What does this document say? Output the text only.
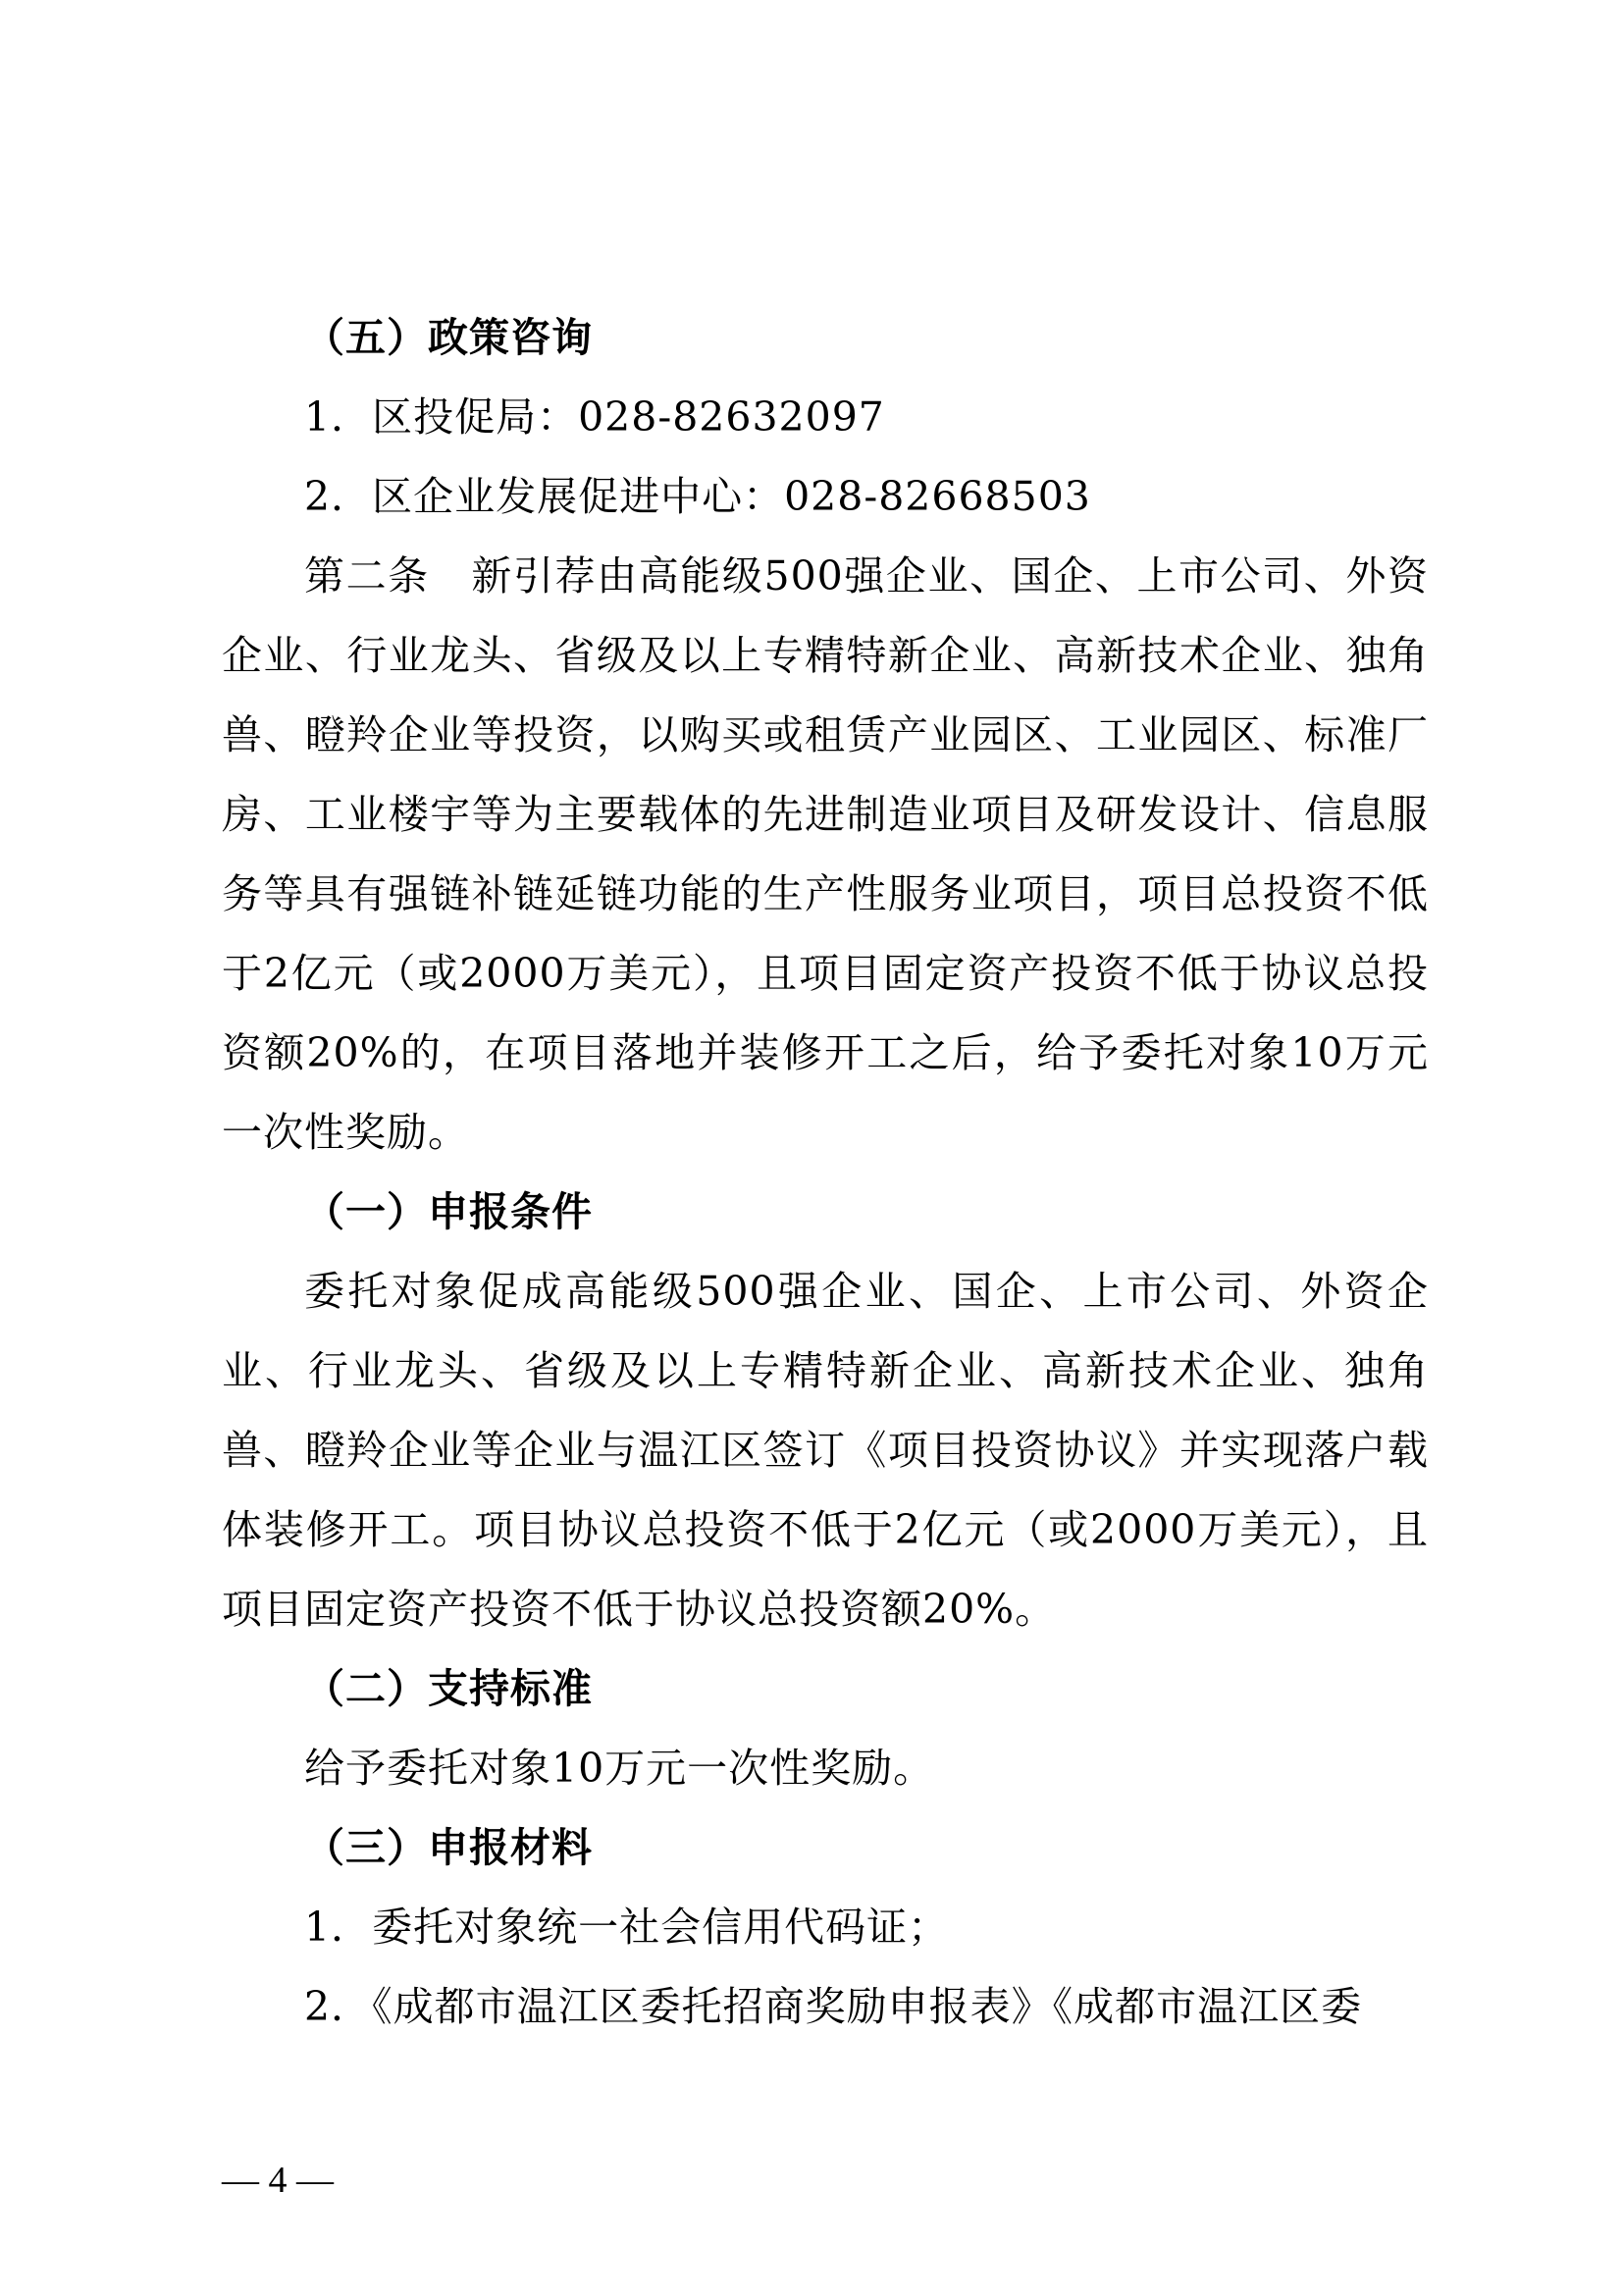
（五）政策咨询

1．区投促局：028-82632097

2．区企业发展促进中心：028-82668503

第二条　新引荐由高能级500强企业、国企、上市公司、外资企业、行业龙头、省级及以上专精特新企业、高新技术企业、独角兽、瞪羚企业等投资，以购买或租赁产业园区、工业园区、标准厂房、工业楼宇等为主要载体的先进制造业项目及研发设计、信息服务等具有强链补链延链功能的生产性服务业项目，项目总投资不低于2亿元（或2000万美元），且项目固定资产投资不低于协议总投资额20%的，在项目落地并装修开工之后，给予委托对象10万元一次性奖励。

（一）申报条件

委托对象促成高能级500强企业、国企、上市公司、外资企业、行业龙头、省级及以上专精特新企业、高新技术企业、独角兽、瞪羚企业等企业与温江区签订《项目投资协议》并实现落户载体装修开工。项目协议总投资不低于2亿元（或2000万美元），且项目固定资产投资不低于协议总投资额20%。

（二）支持标准

给予委托对象10万元一次性奖励。

（三）申报材料

1．委托对象统一社会信用代码证；

2．《成都市温江区委托招商奖励申报表》《成都市温江区委

— 4 —
